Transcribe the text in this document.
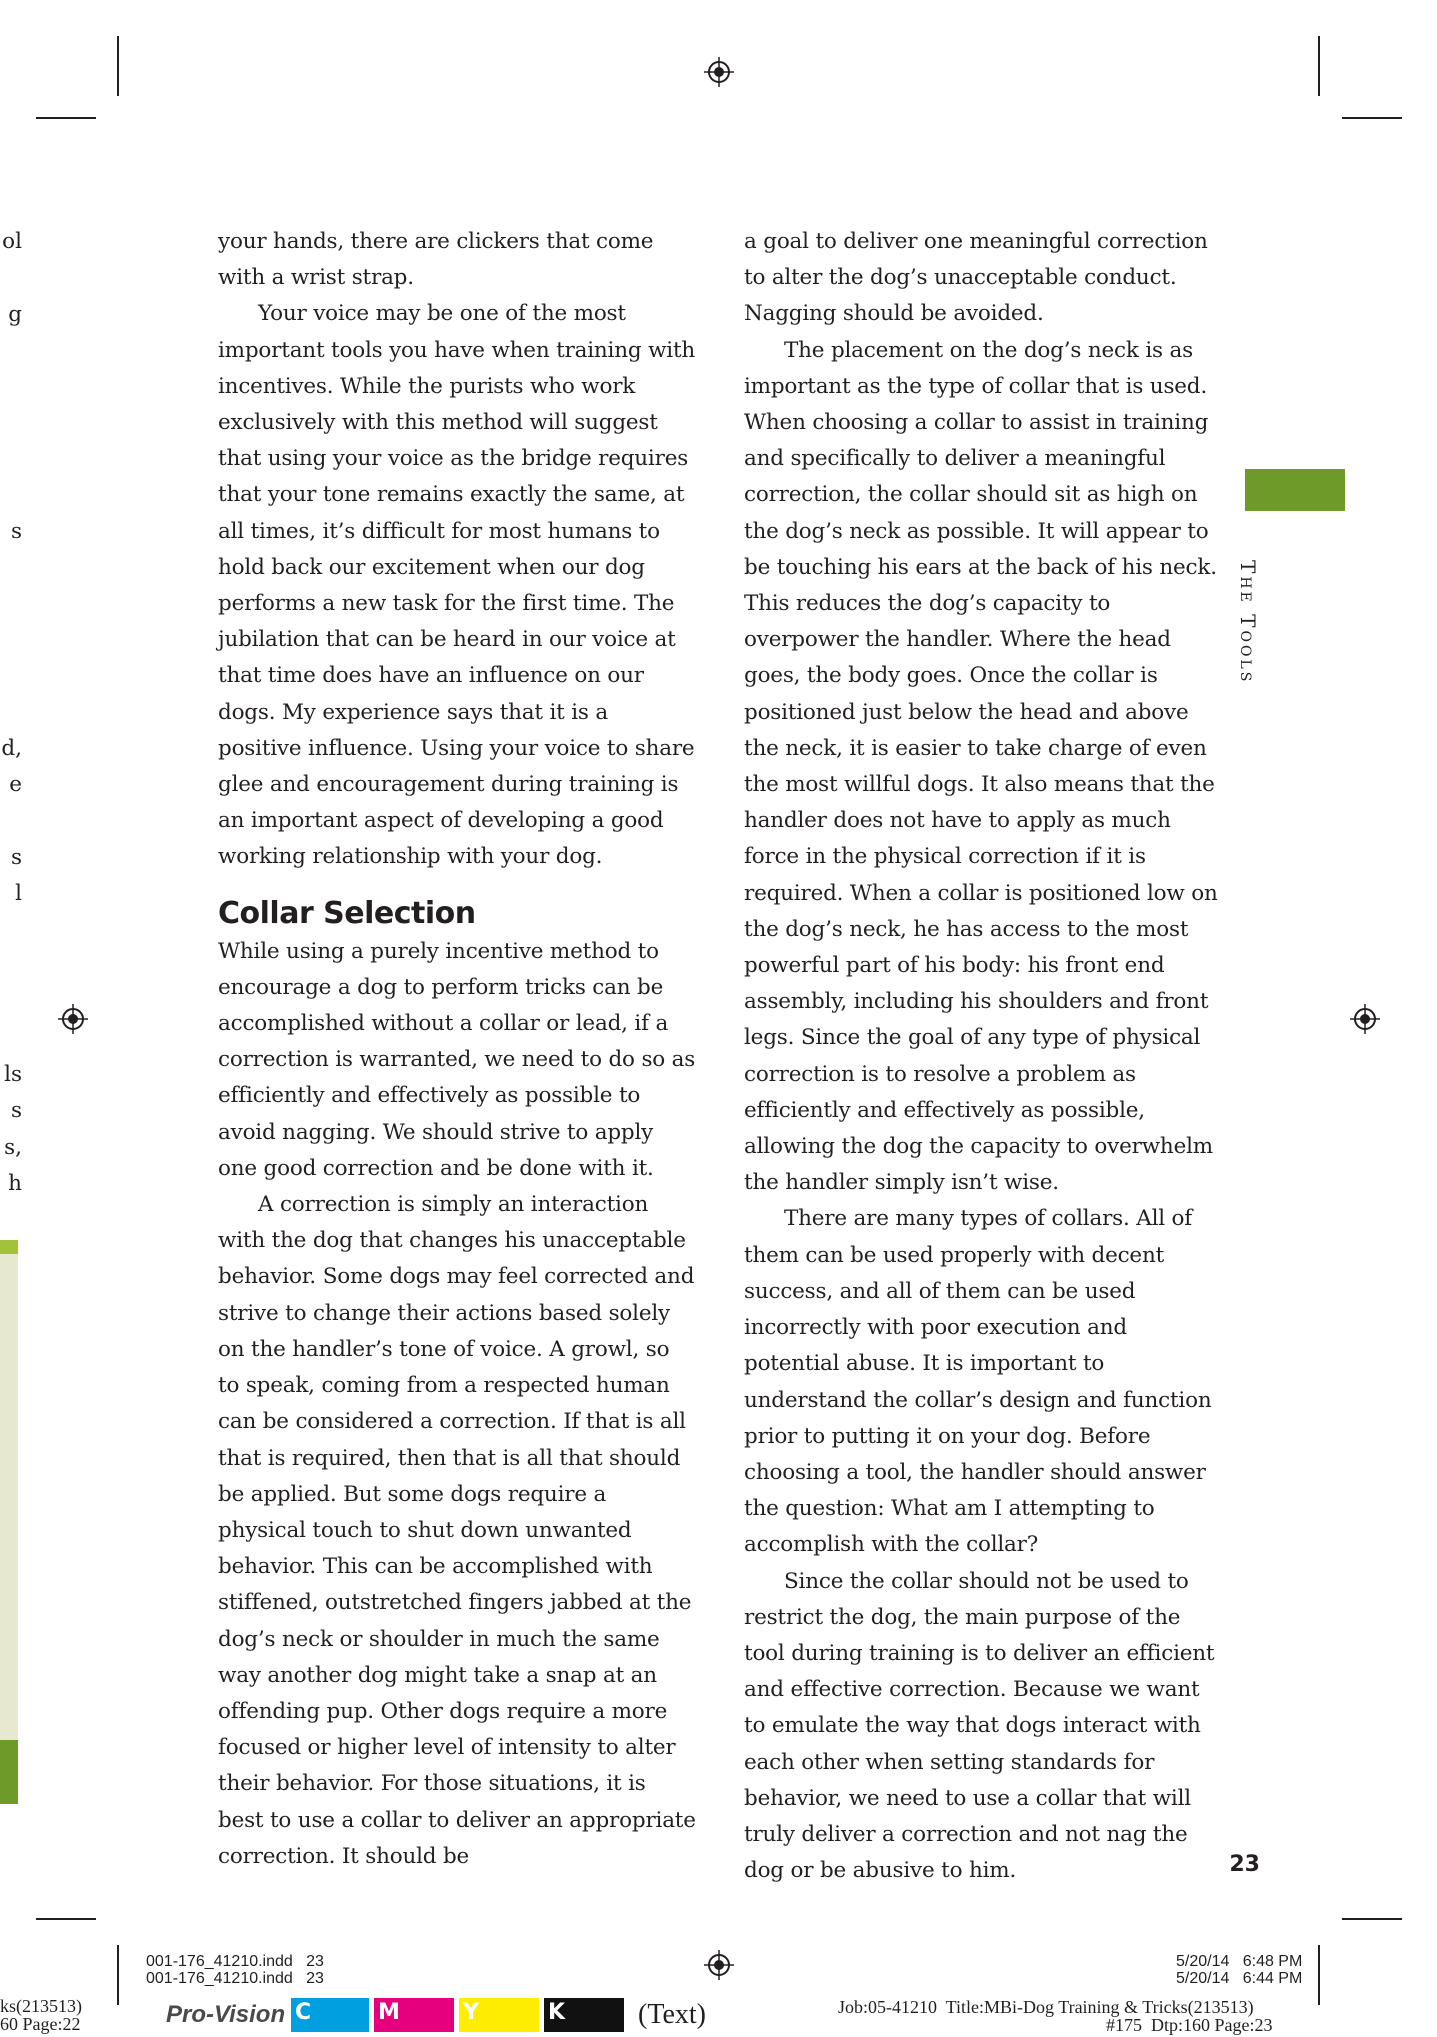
ol
g
s
d,
e
s
l
ls
s
s,
h

your hands, there are clickers that come with a wrist strap.

Your voice may be one of the most important tools you have when training with incentives. While the purists who work exclusively with this method will suggest that using your voice as the bridge requires that your tone remains exactly the same, at all times, it’s difficult for most humans to hold back our excitement when our dog performs a new task for the first time. The jubilation that can be heard in our voice at that time does have an influence on our dogs. My experience says that it is a positive influence. Using your voice to share glee and encouragement during training is an important aspect of developing a good working relationship with your dog.

Collar Selection

While using a purely incentive method to encourage a dog to perform tricks can be accomplished without a collar or lead, if a correction is warranted, we need to do so as efficiently and effectively as possible to avoid nagging. We should strive to apply one good correction and be done with it.

A correction is simply an interaction with the dog that changes his unacceptable behavior. Some dogs may feel corrected and strive to change their actions based solely on the handler’s tone of voice. A growl, so to speak, coming from a respected human can be considered a correction. If that is all that is required, then that is all that should be applied. But some dogs require a physical touch to shut down unwanted behavior. This can be accomplished with stiffened, outstretched fingers jabbed at the dog’s neck or shoulder in much the same way another dog might take a snap at an offending pup. Other dogs require a more focused or higher level of intensity to alter their behavior. For those situations, it is best to use a collar to deliver an appropriate correction. It should be

a goal to deliver one meaningful correction to alter the dog’s unacceptable conduct. Nagging should be avoided.

The placement on the dog’s neck is as important as the type of collar that is used. When choosing a collar to assist in training and specifically to deliver a meaningful correction, the collar should sit as high on the dog’s neck as possible. It will appear to be touching his ears at the back of his neck. This reduces the dog’s capacity to overpower the handler. Where the head goes, the body goes. Once the collar is positioned just below the head and above the neck, it is easier to take charge of even the most willful dogs. It also means that the handler does not have to apply as much force in the physical correction if it is required. When a collar is positioned low on the dog’s neck, he has access to the most powerful part of his body: his front end assembly, including his shoulders and front legs. Since the goal of any type of physical correction is to resolve a problem as efficiently and effectively as possible, allowing the dog the capacity to overwhelm the handler simply isn’t wise.

There are many types of collars. All of them can be used properly with decent success, and all of them can be used incorrectly with poor execution and potential abuse. It is important to understand the collar’s design and function prior to putting it on your dog. Before choosing a tool, the handler should answer the question: What am I attempting to accomplish with the collar?

Since the collar should not be used to restrict the dog, the main purpose of the tool during training is to deliver an efficient and effective correction. Because we want to emulate the way that dogs interact with each other when setting standards for behavior, we need to use a collar that will truly deliver a correction and not nag the dog or be abusive to him.

The Tools
23
001-176_41210.indd   23
001-176_41210.indd   23
5/20/14   6:48 PM
5/20/14   6:44 PM
ks(213513)
60 Page:22	Pro-Vision C	M	Y	K	(Text)	Job:05-41210  Title:MBi-Dog Training & Tricks(213513)
#175  Dtp:160 Page:23
